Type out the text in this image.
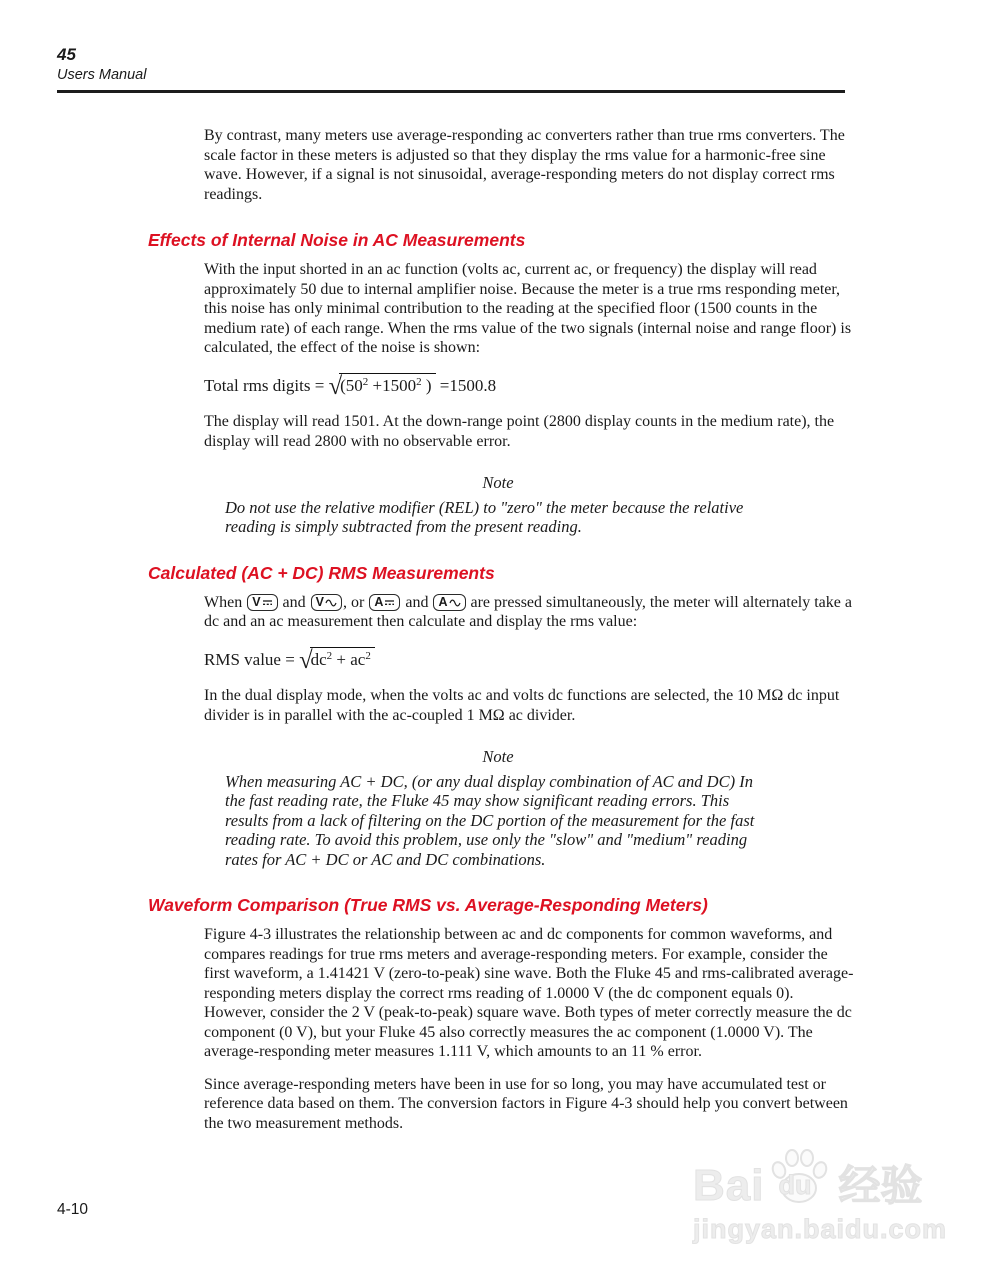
45
Users Manual

By contrast, many meters use average-responding ac converters rather than true rms converters. The scale factor in these meters is adjusted so that they display the rms value for a harmonic-free sine wave. However, if a signal is not sinusoidal, average-responding meters do not display correct rms readings.

Effects of Internal Noise in AC Measurements

With the input shorted in an ac function (volts ac, current ac, or frequency) the display will read approximately 50 due to internal amplifier noise. Because the meter is a true rms responding meter, this noise has only minimal contribution to the reading at the specified floor (1500 counts in the medium rate) of each range. When the rms value of the two signals (internal noise and range floor) is calculated, the effect of the noise is shown:

Total rms digits = $√(50^2 +1500^2$ ) =1500.8

The display will read 1501. At the down-range point (2800 display counts in the medium rate), the display will read 2800 with no observable error.

Note

Do not use the relative modifier (REL) to "zero" the meter because the relative reading is simply subtracted from the present reading.

Calculated (AC + DC) RMS Measurements

When V and V , or A and A are pressed simultaneously, the meter will alternately take a dc and an ac measurement then calculate and display the rms value:

RMS value = $√dc^2 + ac^2$

In the dual display mode, when the volts ac and volts dc functions are selected, the 10 MΩ dc input divider is in parallel with the ac-coupled 1 MΩ ac divider.

Note

When measuring AC + DC, (or any dual display combination of AC and DC) In the fast reading rate, the Fluke 45 may show significant reading errors. This results from a lack of filtering on the DC portion of the measurement for the fast reading rate. To avoid this problem, use only the "slow" and "medium" reading rates for AC + DC or AC and DC combinations.

Waveform Comparison (True RMS vs. Average-Responding Meters)

Figure 4-3 illustrates the relationship between ac and dc components for common waveforms, and compares readings for true rms meters and average-responding meters. For example, consider the first waveform, a 1.41421 V (zero-to-peak) sine wave. Both the Fluke 45 and rms-calibrated average-responding meters display the correct rms reading of 1.0000 V (the dc component equals 0). However, consider the 2 V (peak-to-peak) square wave. Both types of meter correctly measure the dc component (0 V), but your Fluke 45 also correctly measures the ac component (1.0000 V). The average-responding meter measures 1.111 V, which amounts to an 11 % error.

Since average-responding meters have been in use for so long, you may have accumulated test or reference data based on them. The conversion factors in Figure 4-3 should help you convert between the two measurement methods.

4-10	Bai du 经验
jingyan.baidu.com
